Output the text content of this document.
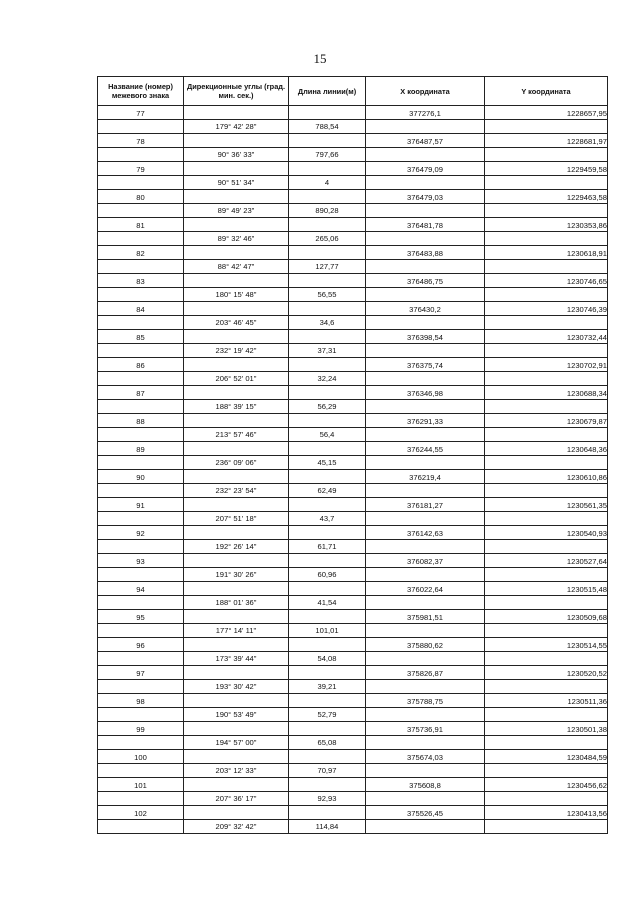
15
Название (номер) межевого знака	Дирекционные углы (град. мин. сек.)	Длина линии(м)	X координата	Y координата
77			377276,1	1228657,95
	179° 42' 28"	788,54		
78			376487,57	1228681,97
	90° 36' 33"	797,66		
79			376479,09	1229459,58
	90° 51' 34"	4		
80			376479,03	1229463,58
	89° 49' 23"	890,28		
81			376481,78	1230353,86
	89° 32' 46"	265,06		
82			376483,88	1230618,91
	88° 42' 47"	127,77		
83			376486,75	1230746,65
	180° 15' 48"	56,55		
84			376430,2	1230746,39
	203° 46' 45"	34,6		
85			376398,54	1230732,44
	232° 19' 42"	37,31		
86			376375,74	1230702,91
	206° 52' 01"	32,24		
87			376346,98	1230688,34
	188° 39' 15"	56,29		
88			376291,33	1230679,87
	213° 57' 46"	56,4		
89			376244,55	1230648,36
	236° 09' 06"	45,15		
90			376219,4	1230610,86
	232° 23' 54"	62,49		
91			376181,27	1230561,35
	207° 51' 18"	43,7		
92			376142,63	1230540,93
	192° 26' 14"	61,71		
93			376082,37	1230527,64
	191° 30' 26"	60,96		
94			376022,64	1230515,48
	188° 01' 36"	41,54		
95			375981,51	1230509,68
	177° 14' 11"	101,01		
96			375880,62	1230514,55
	173° 39' 44"	54,08		
97			375826,87	1230520,52
	193° 30' 42"	39,21		
98			375788,75	1230511,36
	190° 53' 49"	52,79		
99			375736,91	1230501,38
	194° 57' 00"	65,08		
100			375674,03	1230484,59
	203° 12' 33"	70,97		
101			375608,8	1230456,62
	207° 36' 17"	92,93		
102			375526,45	1230413,56
	209° 32' 42"	114,84		
